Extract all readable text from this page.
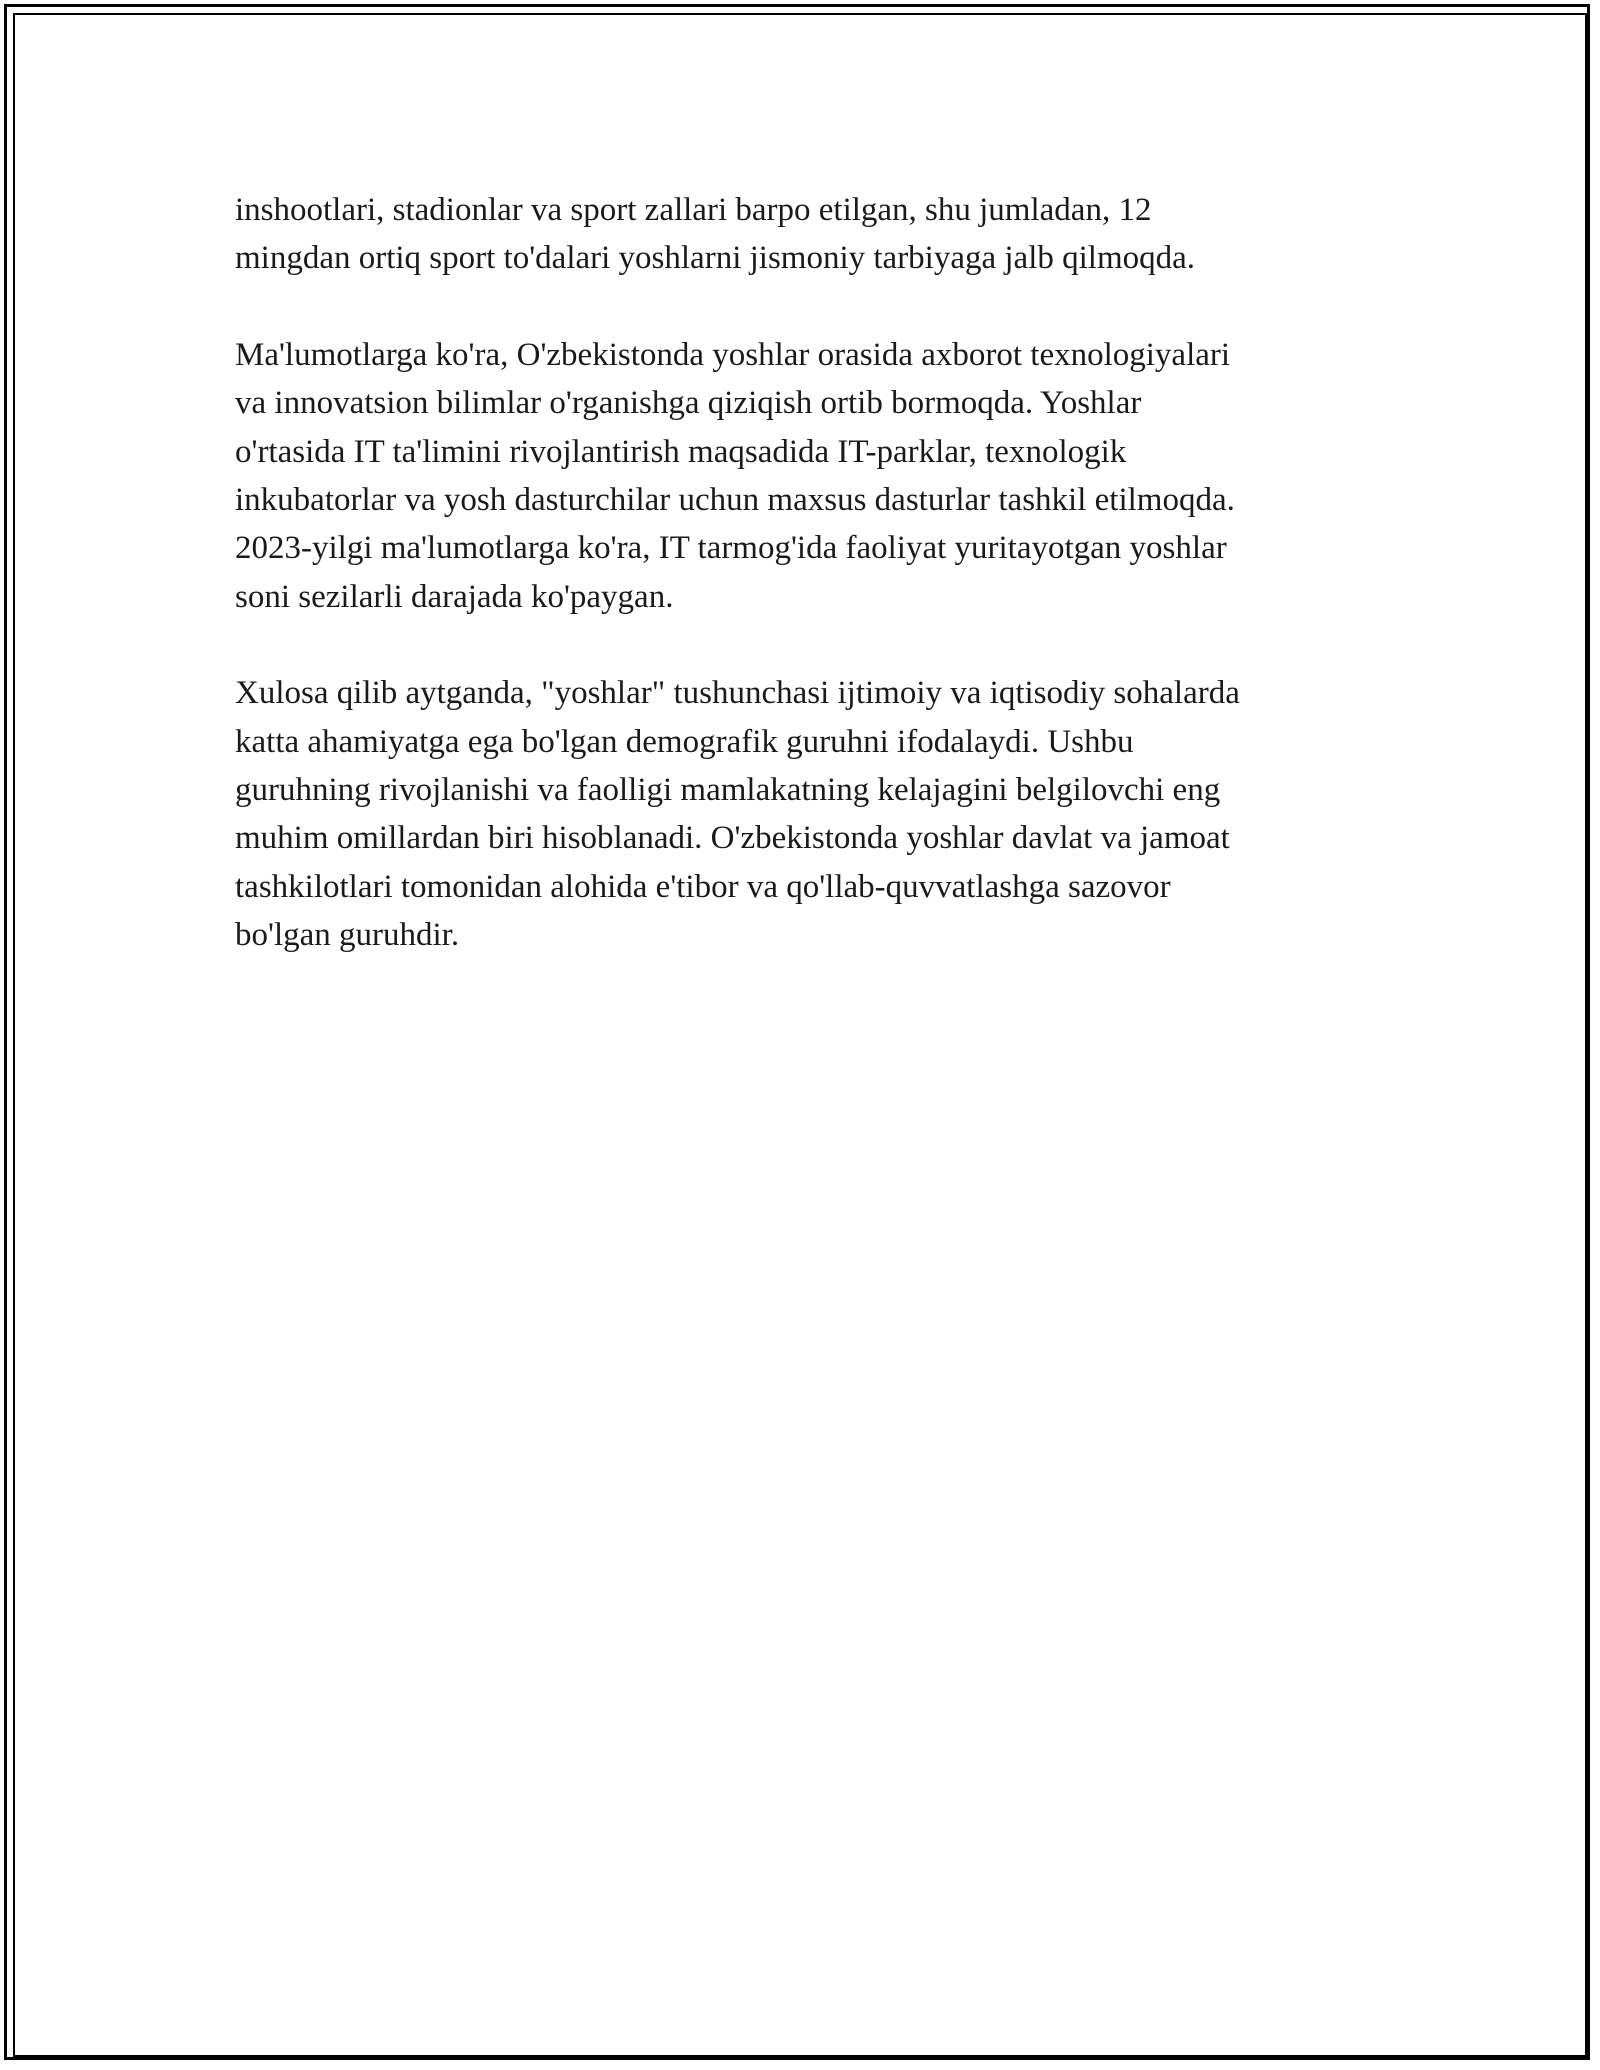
inshootlari, stadionlar va sport zallari barpo etilgan, shu jumladan, 12
mingdan ortiq sport to'dalari yoshlarni jismoniy tarbiyaga jalb qilmoqda.
Ma'lumotlarga ko'ra, O'zbekistonda yoshlar orasida axborot texnologiyalari
va innovatsion bilimlar o'rganishga qiziqish ortib bormoqda. Yoshlar
o'rtasida IT ta'limini rivojlantirish maqsadida IT-parklar, texnologik
inkubatorlar va yosh dasturchilar uchun maxsus dasturlar tashkil etilmoqda.
2023-yilgi ma'lumotlarga ko'ra, IT tarmog'ida faoliyat yuritayotgan yoshlar
soni sezilarli darajada ko'paygan.
Xulosa qilib aytganda, "yoshlar" tushunchasi ijtimoiy va iqtisodiy sohalarda
katta ahamiyatga ega bo'lgan demografik guruhni ifodalaydi. Ushbu
guruhning rivojlanishi va faolligi mamlakatning kelajagini belgilovchi eng
muhim omillardan biri hisoblanadi. O'zbekistonda yoshlar davlat va jamoat
tashkilotlari tomonidan alohida e'tibor va qo'llab-quvvatlashga sazovor
bo'lgan guruhdir.
